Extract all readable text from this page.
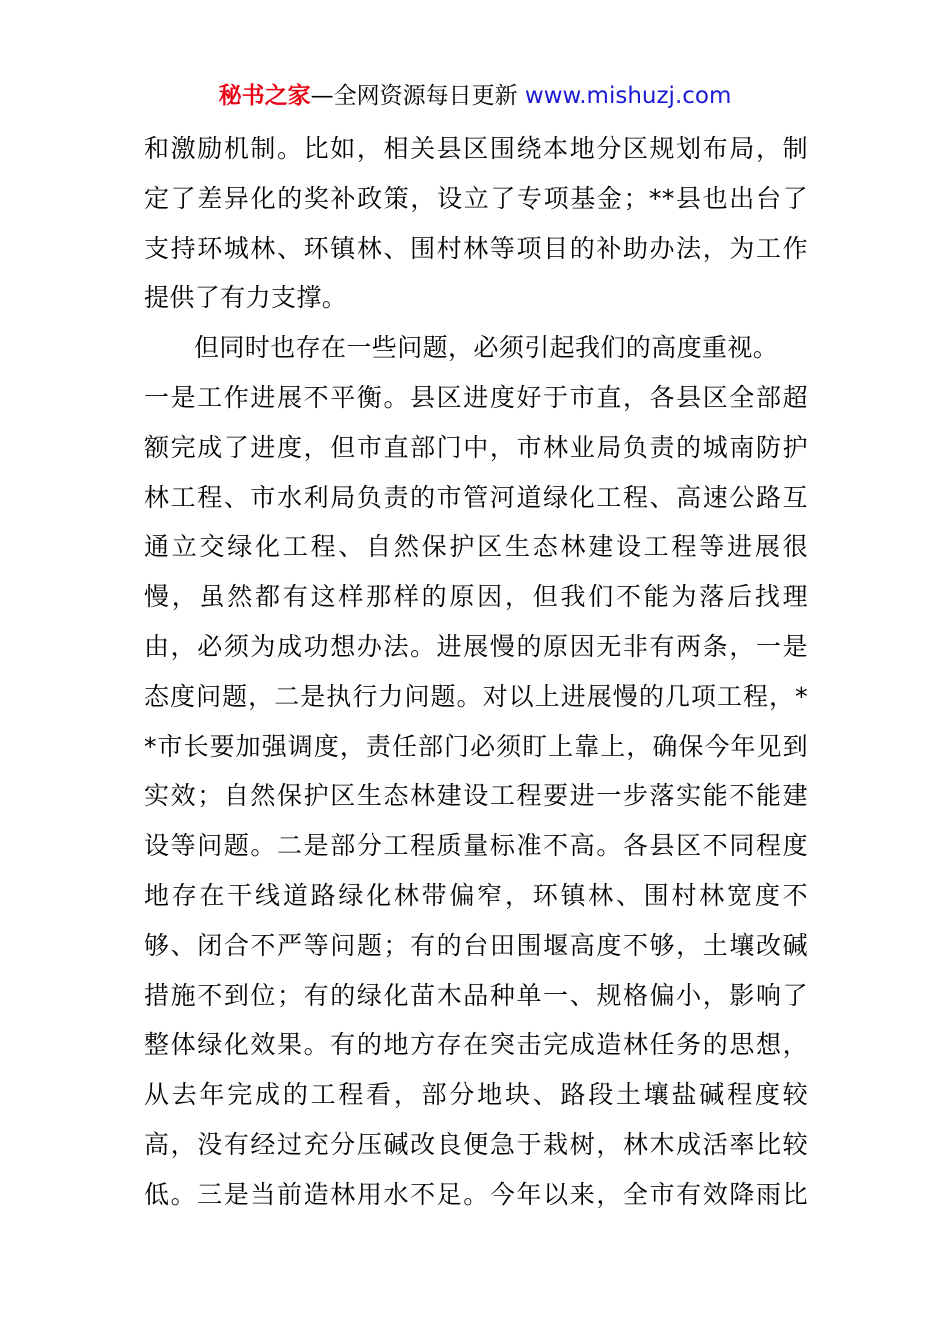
秘书之家—全网资源每日更新 www.mishuzj.com
和激励机制。比如，相关县区围绕本地分区规划布局，制
定了差异化的奖补政策，设立了专项基金；**县也出台了
支持环城林、环镇林、围村林等项目的补助办法，为工作
提供了有力支撑。
但同时也存在一些问题，必须引起我们的高度重视。
一是工作进展不平衡。县区进度好于市直，各县区全部超
额完成了进度，但市直部门中，市林业局负责的城南防护
林工程、市水利局负责的市管河道绿化工程、高速公路互
通立交绿化工程、自然保护区生态林建设工程等进展很
慢，虽然都有这样那样的原因，但我们不能为落后找理
由，必须为成功想办法。进展慢的原因无非有两条，一是
态度问题，二是执行力问题。对以上进展慢的几项工程，*
*市长要加强调度，责任部门必须盯上靠上，确保今年见到
实效；自然保护区生态林建设工程要进一步落实能不能建
设等问题。二是部分工程质量标准不高。各县区不同程度
地存在干线道路绿化林带偏窄，环镇林、围村林宽度不
够、闭合不严等问题；有的台田围堰高度不够，土壤改碱
措施不到位；有的绿化苗木品种单一、规格偏小，影响了
整体绿化效果。有的地方存在突击完成造林任务的思想，
从去年完成的工程看，部分地块、路段土壤盐碱程度较
高，没有经过充分压碱改良便急于栽树，林木成活率比较
低。三是当前造林用水不足。今年以来，全市有效降雨比
